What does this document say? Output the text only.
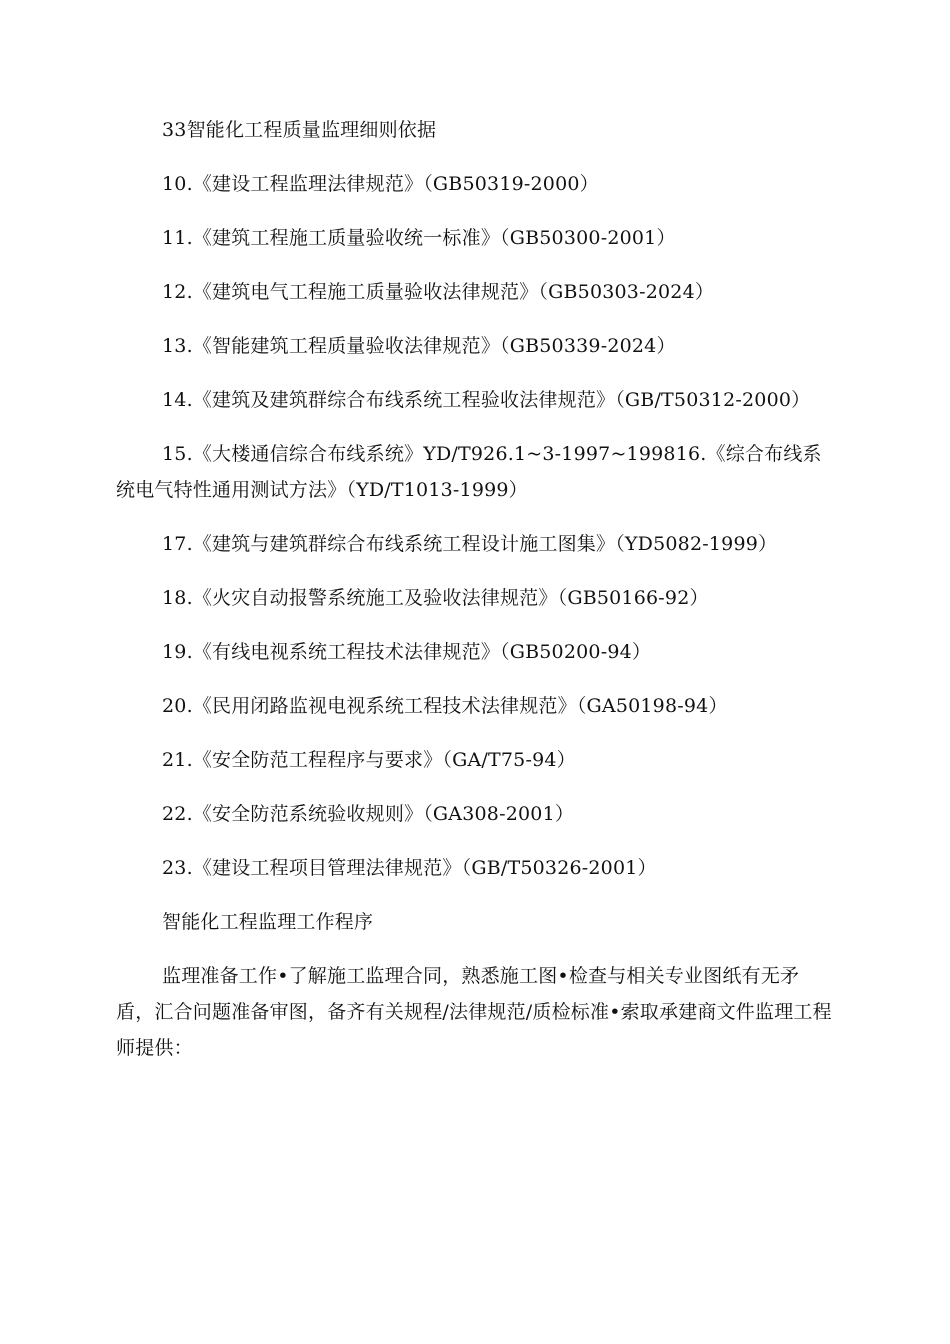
33智能化工程质量监理细则依据

10.《建设工程监理法律规范》（GB50319-2000）

11.《建筑工程施工质量验收统一标准》（GB50300-2001）

12.《建筑电气工程施工质量验收法律规范》（GB50303-2024）

13.《智能建筑工程质量验收法律规范》（GB50339-2024）

14.《建筑及建筑群综合布线系统工程验收法律规范》（GB/T50312-2000）

15.《大楼通信综合布线系统》YD/T926.1~3-1997~199816.《综合布线系统电气特性通用测试方法》（YD/T1013-1999）

17.《建筑与建筑群综合布线系统工程设计施工图集》（YD5082-1999）

18.《火灾自动报警系统施工及验收法律规范》（GB50166-92）

19.《有线电视系统工程技术法律规范》（GB50200-94）

20.《民用闭路监视电视系统工程技术法律规范》（GA50198-94）

21.《安全防范工程程序与要求》（GA/T75-94）

22.《安全防范系统验收规则》（GA308-2001）

23.《建设工程项目管理法律规范》（GB/T50326-2001）

智能化工程监理工作程序

监理准备工作•了解施工监理合同，熟悉施工图•检查与相关专业图纸有无矛盾，汇合问题准备审图，备齐有关规程/法律规范/质检标准•索取承建商文件监理工程师提供：
